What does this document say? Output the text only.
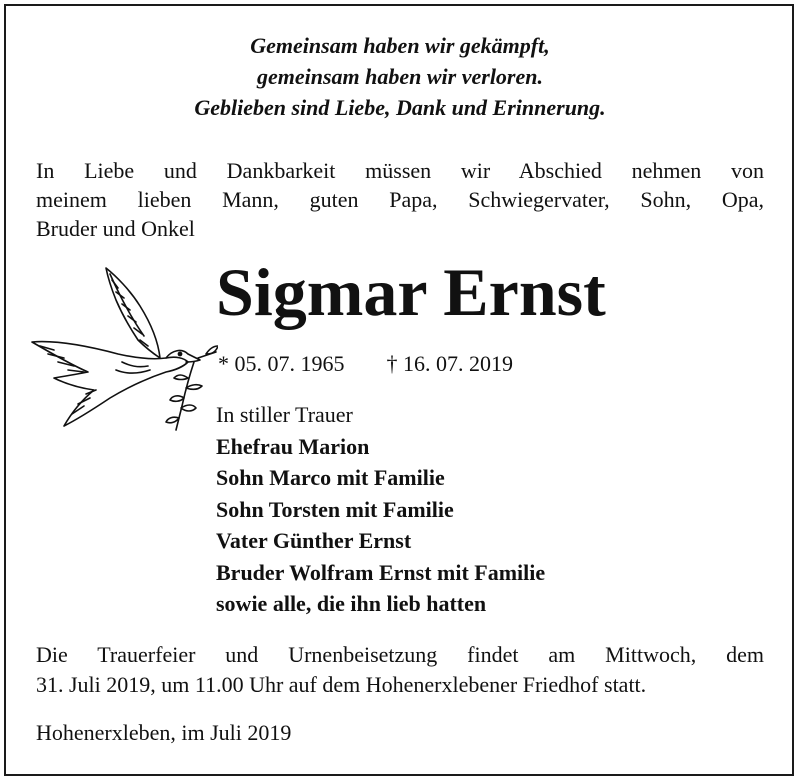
Gemeinsam haben wir gekämpft,
gemeinsam haben wir verloren.
Geblieben sind Liebe, Dank und Erinnerung.
In Liebe und Dankbarkeit müssen wir Abschied nehmen von
meinem lieben Mann, guten Papa, Schwiegervater, Sohn, Opa,
Bruder und Onkel
Sigmar Ernst
* 05. 07. 1965 † 16. 07. 2019
In stiller Trauer
Ehefrau Marion
Sohn Marco mit Familie
Sohn Torsten mit Familie
Vater Günther Ernst
Bruder Wolfram Ernst mit Familie
sowie alle, die ihn lieb hatten
Die Trauerfeier und Urnenbeisetzung findet am Mittwoch, dem
31. Juli 2019, um 11.00 Uhr auf dem Hohenerxlebener Friedhof statt.
Hohenerxleben, im Juli 2019
